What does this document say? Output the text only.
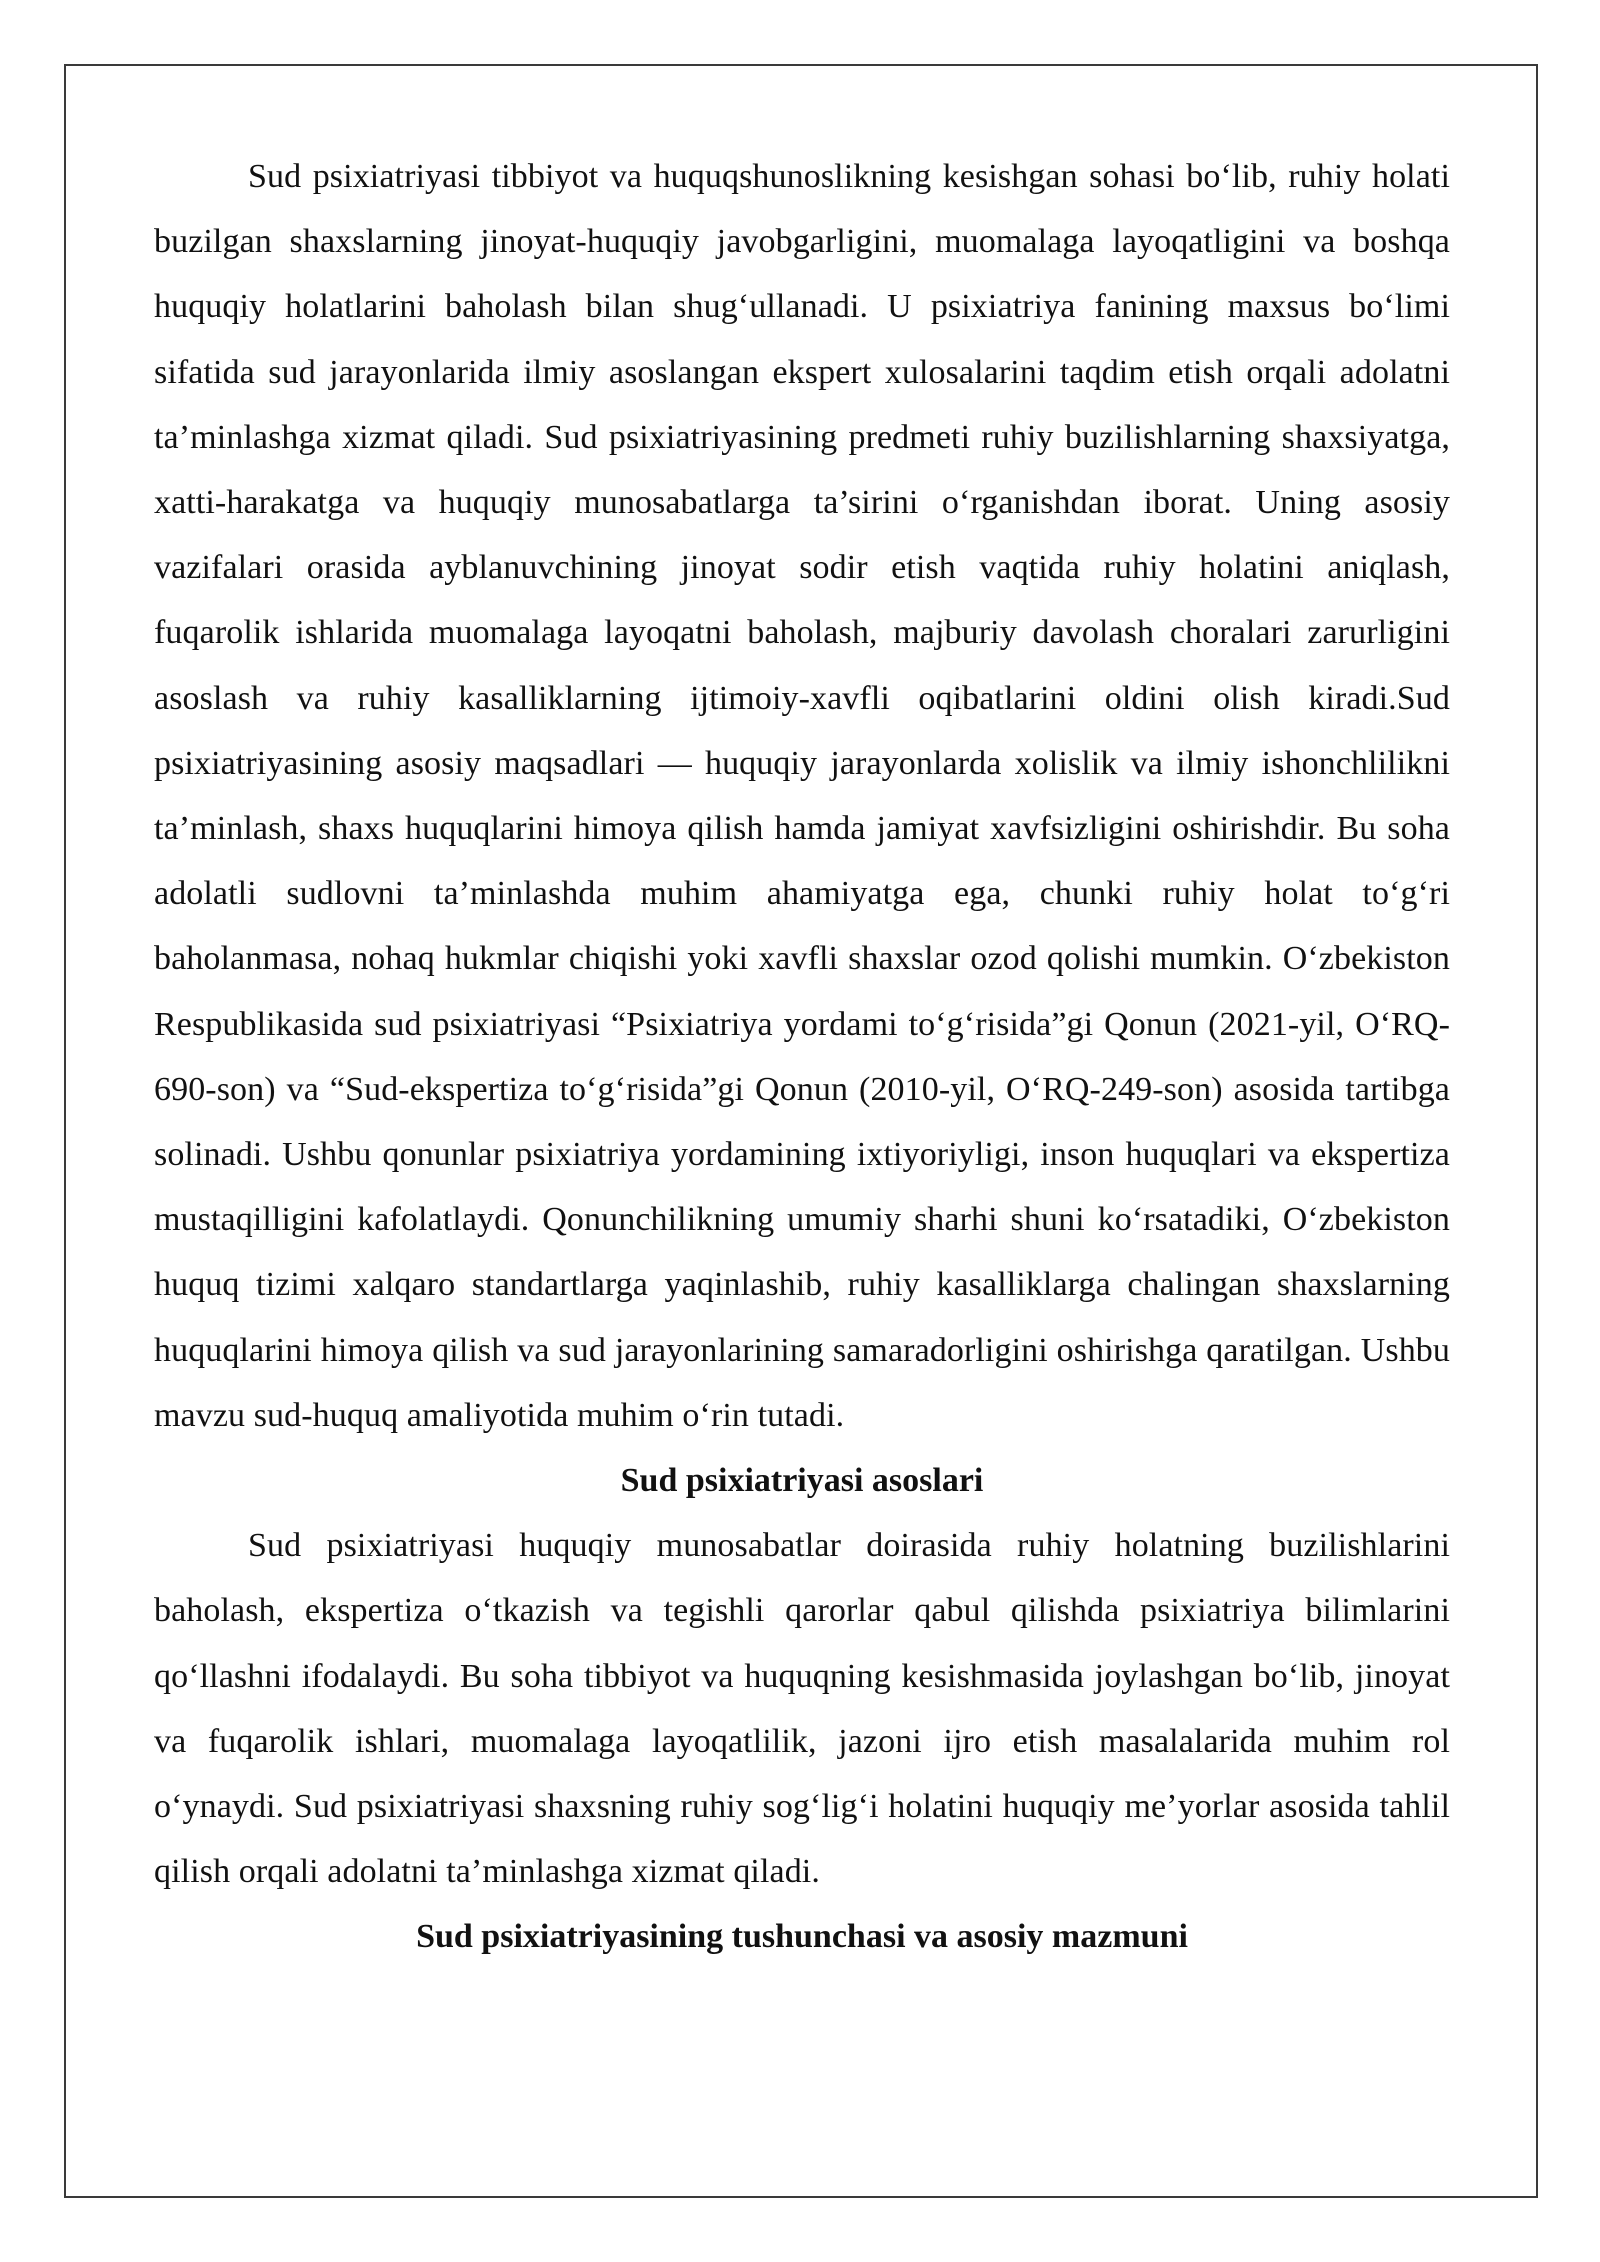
Sud psixiatriyasi tibbiyot va huquqshunoslikning kesishgan sohasi bo‘lib, ruhiy holati buzilgan shaxslarning jinoyat-huquqiy javobgarligini, muomalaga layoqatligini va boshqa huquqiy holatlarini baholash bilan shug‘ullanadi. U psixiatriya fanining maxsus bo‘limi sifatida sud jarayonlarida ilmiy asoslangan ekspert xulosalarini taqdim etish orqali adolatni ta’minlashga xizmat qiladi. Sud psixiatriyasining predmeti ruhiy buzilishlarning shaxsiyatga, xatti-harakatga va huquqiy munosabatlarga ta’sirini o‘rganishdan iborat. Uning asosiy vazifalari orasida ayblanuvchining jinoyat sodir etish vaqtida ruhiy holatini aniqlash, fuqarolik ishlarida muomalaga layoqatni baholash, majburiy davolash choralari zarurligini asoslash va ruhiy kasalliklarning ijtimoiy-xavfli oqibatlarini oldini olish kiradi.Sud psixiatriyasining asosiy maqsadlari — huquqiy jarayonlarda xolislik va ilmiy ishonchlilikni ta’minlash, shaxs huquqlarini himoya qilish hamda jamiyat xavfsizligini oshirishdir. Bu soha adolatli sudlovni ta’minlashda muhim ahamiyatga ega, chunki ruhiy holat to‘g‘ri baholanmasa, nohaq hukmlar chiqishi yoki xavfli shaxslar ozod qolishi mumkin. O‘zbekiston Respublikasida sud psixiatriyasi “Psixiatriya yordami to‘g‘risida”gi Qonun (2021-yil, O‘RQ-690-son) va “Sud-ekspertiza to‘g‘risida”gi Qonun (2010-yil, O‘RQ-249-son) asosida tartibga solinadi. Ushbu qonunlar psixiatriya yordamining ixtiyoriyligi, inson huquqlari va ekspertiza mustaqilligini kafolatlaydi. Qonunchilikning umumiy sharhi shuni ko‘rsatadiki, O‘zbekiston huquq tizimi xalqaro standartlarga yaqinlashib, ruhiy kasalliklarga chalingan shaxslarning huquqlarini himoya qilish va sud jarayonlarining samaradorligini oshirishga qaratilgan. Ushbu mavzu sud-huquq amaliyotida muhim o‘rin tutadi.

Sud psixiatriyasi asoslari

Sud psixiatriyasi huquqiy munosabatlar doirasida ruhiy holatning buzilishlarini baholash, ekspertiza o‘tkazish va tegishli qarorlar qabul qilishda psixiatriya bilimlarini qo‘llashni ifodalaydi. Bu soha tibbiyot va huquqning kesishmasida joylashgan bo‘lib, jinoyat va fuqarolik ishlari, muomalaga layoqatlilik, jazoni ijro etish masalalarida muhim rol o‘ynaydi. Sud psixiatriyasi shaxsning ruhiy sog‘lig‘i holatini huquqiy me’yorlar asosida tahlil qilish orqali adolatni ta’minlashga xizmat qiladi.

Sud psixiatriyasining tushunchasi va asosiy mazmuni
